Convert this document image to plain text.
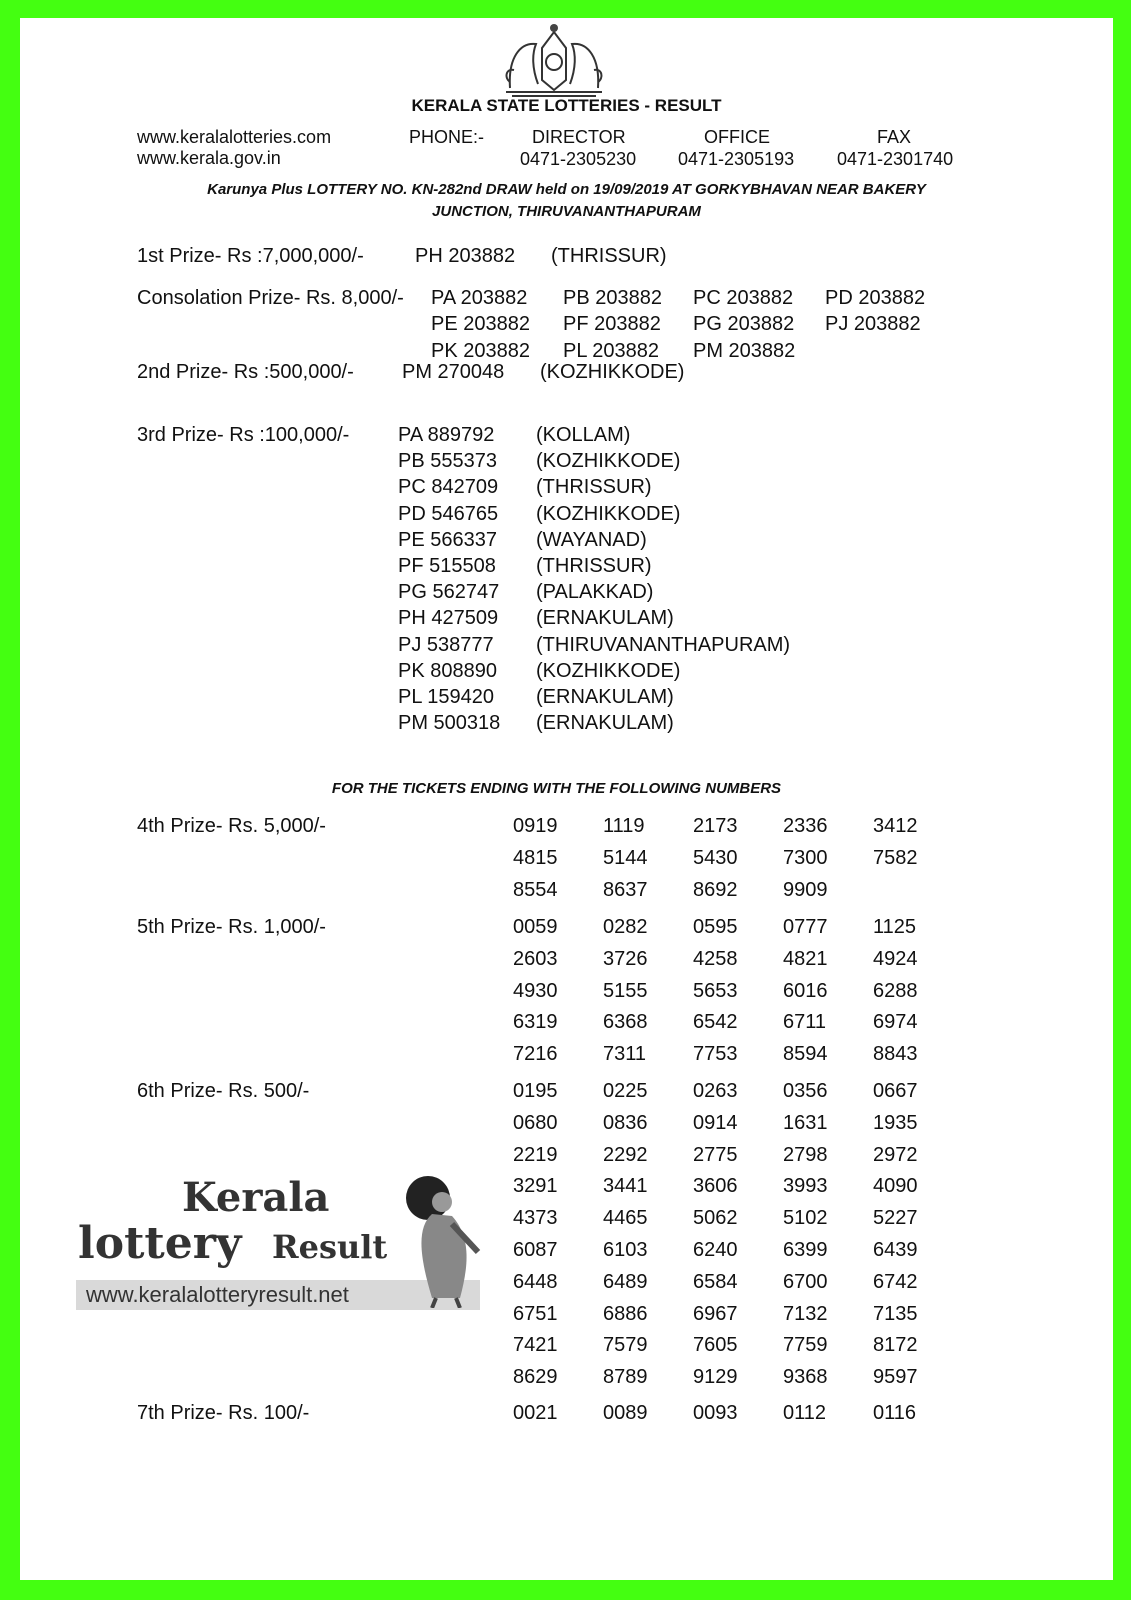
KERALA STATE LOTTERIES - RESULT
www.keralalotteries.com
www.kerala.gov.in
PHONE:-	DIRECTOR
0471-2305230
OFFICE
0471-2305193
FAX
0471-2301740
Karunya Plus LOTTERY NO. KN-282nd DRAW held on 19/09/2019 AT GORKYBHAVAN NEAR BAKERY
JUNCTION, THIRUVANANTHAPURAM
1st Prize- Rs :7,000,000/-	PH 203882 (THRISSUR)
Consolation Prize- Rs. 8,000/- PA 203882 PB 203882 PC 203882 PD 203882
PE 203882 PF 203882 PG 203882 PJ 203882
PK 203882 PL 203882 PM 203882
2nd Prize- Rs :500,000/- PM 270048 (KOZHIKKODE)
3rd Prize- Rs :100,000/- PA 889792 (KOLLAM)
PB 555373 (KOZHIKKODE)
PC 842709 (THRISSUR)
PD 546765 (KOZHIKKODE)
PE 566337 (WAYANAD)
PF 515508 (THRISSUR)
PG 562747 (PALAKKAD)
PH 427509 (ERNAKULAM)
PJ 538777 (THIRUVANANTHAPURAM)
PK 808890 (KOZHIKKODE)
PL 159420 (ERNAKULAM)
PM 500318 (ERNAKULAM)
FOR THE TICKETS ENDING WITH THE FOLLOWING NUMBERS
4th Prize- Rs. 5,000/-
5th Prize- Rs. 1,000/-
6th Prize- Rs. 500/-
7th Prize- Rs. 100/-
0919 1119 2173 2336 3412
4815 5144 5430 7300 7582
8554 8637 8692 9909
0059 0282 0595 0777 1125
2603 3726 4258 4821 4924
4930 5155 5653 6016 6288
6319 6368 6542 6711 6974
7216 7311 7753 8594 8843
0195 0225 0263 0356 0667
0680 0836 0914 1631 1935
2219 2292 2775 2798 2972
3291 3441 3606 3993 4090
4373 4465 5062 5102 5227
6087 6103 6240 6399 6439
6448 6489 6584 6700 6742
6751 6886 6967 7132 7135
7421 7579 7605 7759 8172
8629 8789 9129 9368 9597
0021 0089 0093 0112 0116
Kerala
lottery Result
www.keralalotteryresult.net
